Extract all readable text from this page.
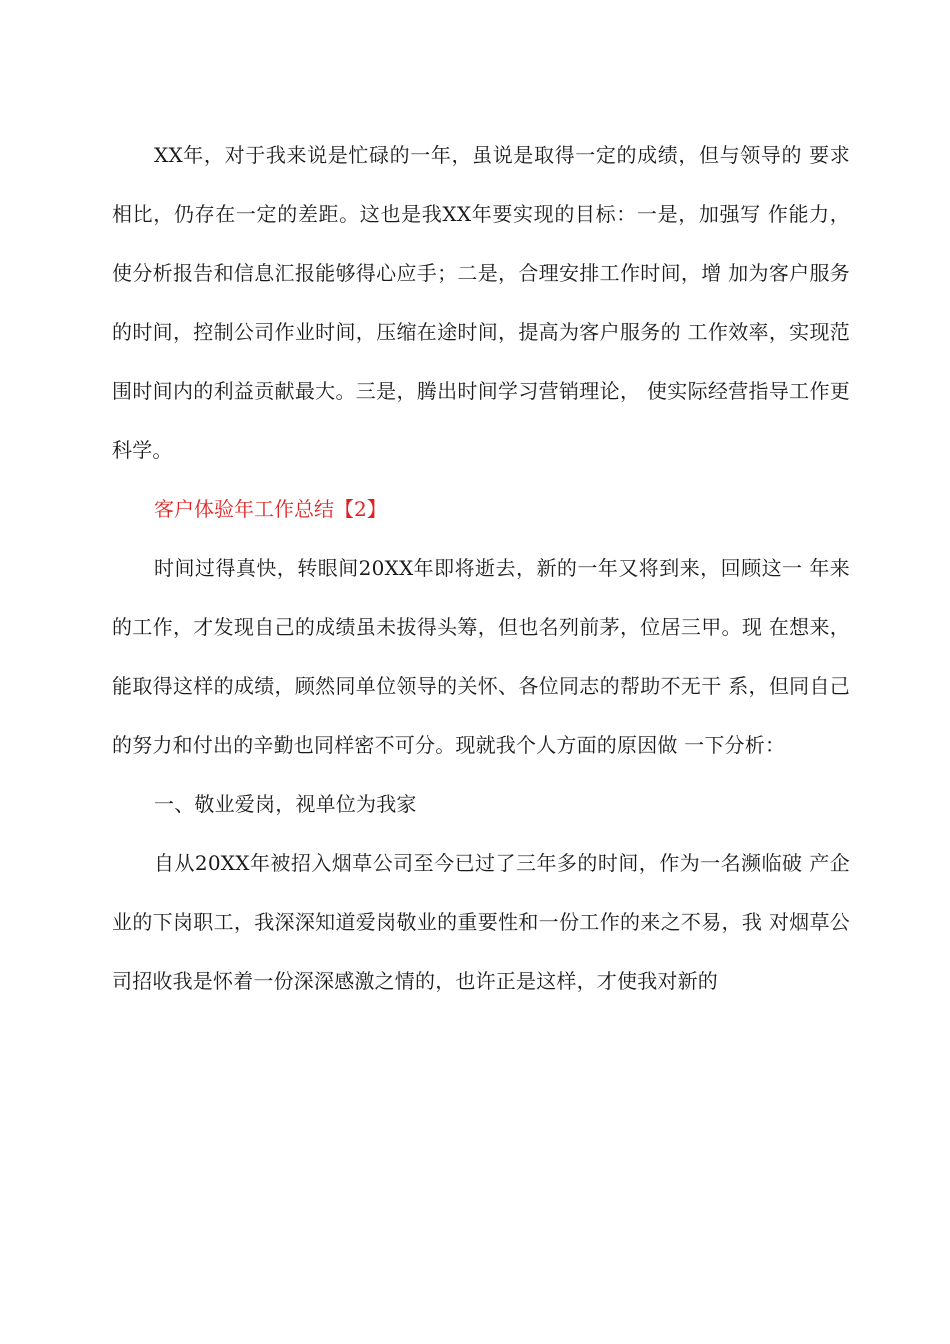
XX年，对于我来说是忙碌的一年，虽说是取得一定的成绩，但与领导的 要求相比，仍存在一定的差距。这也是我XX年要实现的目标：一是，加强写 作能力，使分析报告和信息汇报能够得心应手；二是，合理安排工作时间，增 加为客户服务的时间，控制公司作业时间，压缩在途时间，提高为客户服务的 工作效率，实现范围时间内的利益贡献最大。三是，腾出时间学习营销理论， 使实际经营指导工作更科学。

客户体验年工作总结【2】

时间过得真快，转眼间20XX年即将逝去，新的一年又将到来，回顾这一 年来的工作，才发现自己的成绩虽未拔得头筹，但也名列前茅，位居三甲。现 在想来，能取得这样的成绩，顾然同单位领导的关怀、各位同志的帮助不无干 系，但同自己的努力和付出的辛勤也同样密不可分。现就我个人方面的原因做 一下分析：

一、敬业爱岗，视单位为我家

自从20XX年被招入烟草公司至今已过了三年多的时间，作为一名濒临破 产企业的下岗职工，我深深知道爱岗敬业的重要性和一份工作的来之不易，我 对烟草公司招收我是怀着一份深深感激之情的，也许正是这样，才使我对新的
